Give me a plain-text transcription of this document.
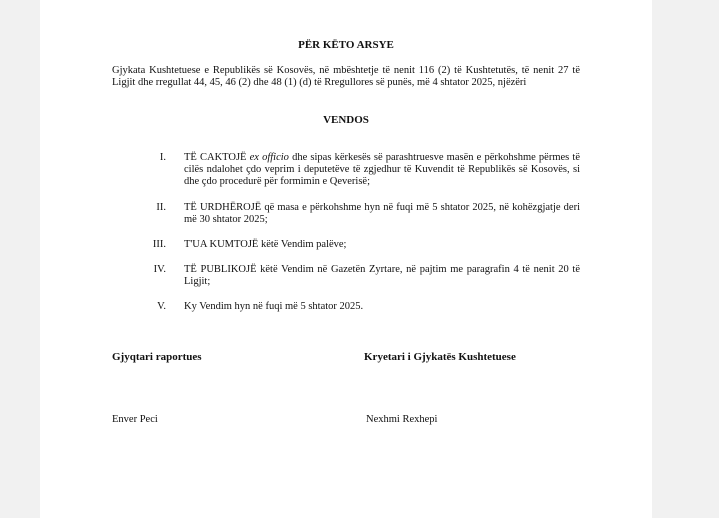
PËR KËTO ARSYE
Gjykata Kushtetuese e Republikës së Kosovës, në mbështetje të nenit 116 (2) të Kushtetutës, të nenit 27 të Ligjit dhe rregullat 44, 45, 46 (2) dhe 48 (1) (d) të Rregullores së punës, më 4 shtator 2025, njëzëri
VENDOS
I. TË CAKTOJË ex officio dhe sipas kërkesës së parashtruesve masën e përkohshme përmes të cilës ndalohet çdo veprim i deputetëve të zgjedhur të Kuvendit të Republikës së Kosovës, si dhe çdo procedurë për formimin e Qeverisë;
II. TË URDHËROJË që masa e përkohshme hyn në fuqi më 5 shtator 2025, në kohëzgjatje deri më 30 shtator 2025;
III. T'UA KUMTOJË këtë Vendim palëve;
IV. TË PUBLIKOJË këtë Vendim në Gazetën Zyrtare, në pajtim me paragrafin 4 të nenit 20 të Ligjit;
V. Ky Vendim hyn në fuqi më 5 shtator 2025.
Gjyqtari raportues	Kryetari i Gjykatës Kushtetuese
Enver Peci	Nexhmi Rexhepi
